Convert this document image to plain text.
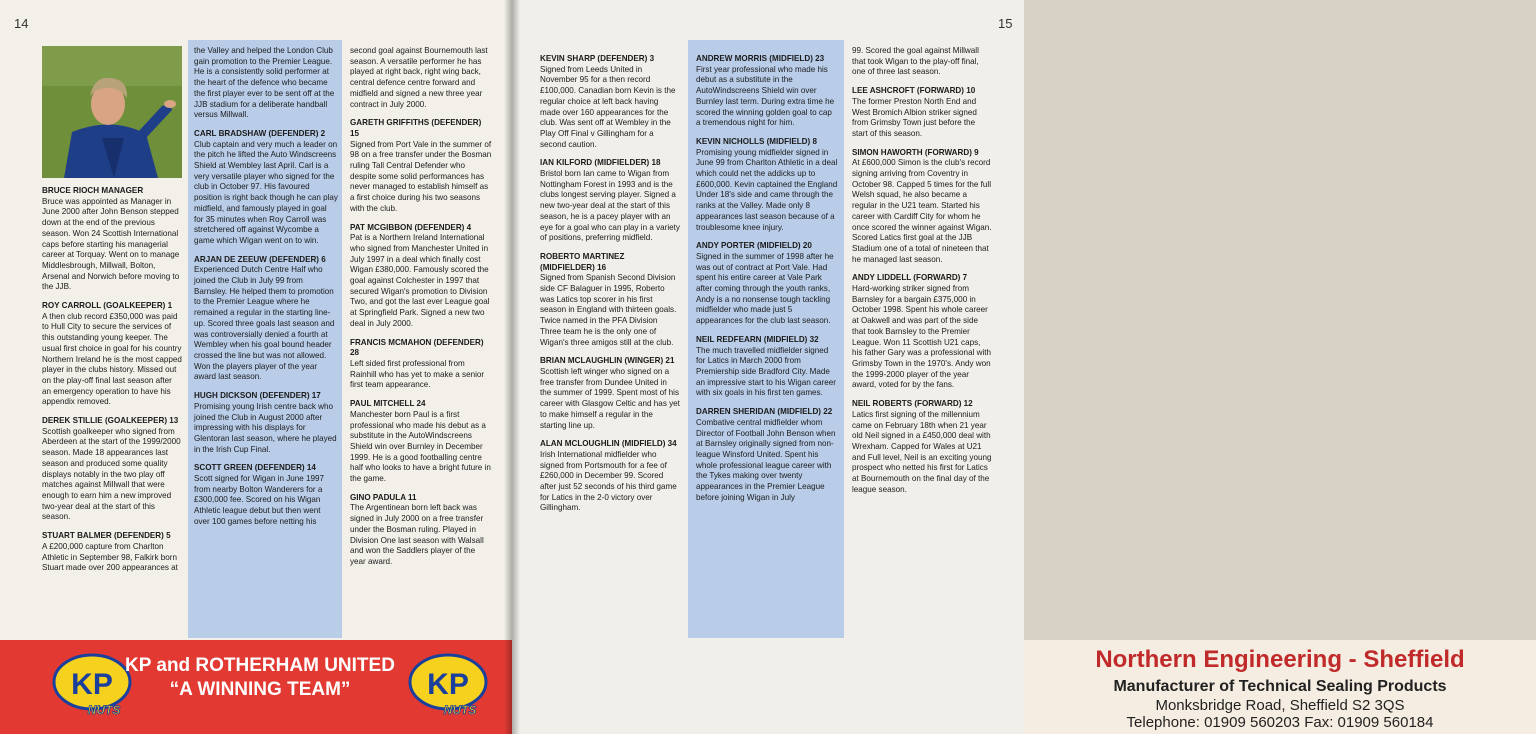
14

BRUCE RIOCH MANAGER
Bruce was appointed as Manager in June 2000 after John Benson stepped down at the end of the previous season. Won 24 Scottish International caps before starting his managerial career at Torquay. Went on to manage Middlesbrough, Millwall, Bolton, Arsenal and Norwich before moving to the JJB.

ROY CARROLL (GOALKEEPER) 1
A then club record £350,000 was paid to Hull City to secure the services of this outstanding young keeper. The usual first choice in goal for his country Northern Ireland he is the most capped player in the clubs history. Missed out on the play-off final last season after an emergency operation to have his appendix removed.

DEREK STILLIE (GOALKEEPER) 13
Scottish goalkeeper who signed from Aberdeen at the start of the 1999/2000 season. Made 18 appearances last season and produced some quality displays notably in the two play off matches against Millwall that were enough to earn him a new improved two-year deal at the start of this season.

STUART BALMER (DEFENDER) 5
A £200,000 capture from Charlton Athletic in September 98, Falkirk born Stuart made over 200 appearances at

the Valley and helped the London Club gain promotion to the Premier League. He is a consistently solid performer at the heart of the defence who became the first player ever to be sent off at the JJB stadium for a deliberate handball versus Millwall.

CARL BRADSHAW (DEFENDER) 2
Club captain and very much a leader on the pitch he lifted the Auto Windscreens Shield at Wembley last April. Carl is a very versatile player who signed for the club in October 97. His favoured position is right back though he can play midfield, and famously played in goal for 35 minutes when Roy Carroll was stretchered off against Wycombe a game which Wigan went on to win.

ARJAN DE ZEEUW (DEFENDER) 6
Experienced Dutch Centre Half who joined the Club in July 99 from Barnsley. He helped them to promotion to the Premier League where he remained a regular in the starting line-up. Scored three goals last season and was controversially denied a fourth at Wembley when his goal bound header crossed the line but was not allowed. Won the players player of the year award last season.

HUGH DICKSON (DEFENDER) 17
Promising young Irish centre back who joined the Club in August 2000 after impressing with his displays for Glentoran last season, where he played in the Irish Cup Final.

SCOTT GREEN (DEFENDER) 14
Scott signed for Wigan in June 1997 from nearby Bolton Wanderers for a £300,000 fee. Scored on his Wigan Athletic league debut but then went over 100 games before netting his

second goal against Bournemouth last season. A versatile performer he has played at right back, right wing back, central defence centre forward and midfield and signed a new three year contract in July 2000.

GARETH GRIFFITHS (DEFENDER) 15
Signed from Port Vale in the summer of 98 on a free transfer under the Bosman ruling Tall Central Defender who despite some solid performances has never managed to establish himself as a first choice during his two seasons with the club.

PAT MCGIBBON (DEFENDER) 4
Pat is a Northern Ireland International who signed from Manchester United in July 1997 in a deal which finally cost Wigan £380,000. Famously scored the goal against Colchester in 1997 that secured Wigan's promotion to Division Two, and got the last ever League goal at Springfield Park. Signed a new two deal in July 2000.

FRANCIS MCMAHON (DEFENDER) 28
Left sided first professional from Rainhill who has yet to make a senior first team appearance.

PAUL MITCHELL 24
Manchester born Paul is a first professional who made his debut as a substitute in the AutoWindscreens Shield win over Burnley in December 1999. He is a good footballing centre half who looks to have a bright future in the game.

GINO PADULA 11
The Argentinean born left back was signed in July 2000 on a free transfer under the Bosman ruling. Played in Division One last season with Walsall and won the Saddlers player of the year award.

KP
NUTS
KP and ROTHERHAM UNITED
“A WINNING TEAM”	KP
NUTS
15

KEVIN SHARP (DEFENDER) 3
Signed from Leeds United in November 95 for a then record £100,000. Canadian born Kevin is the regular choice at left back having made over 160 appearances for the club. Was sent off at Wembley in the Play Off Final v Gillingham for a second caution.

IAN KILFORD (MIDFIELDER) 18
Bristol born Ian came to Wigan from Nottingham Forest in 1993 and is the clubs longest serving player. Signed a new two-year deal at the start of this season, he is a pacey player with an eye for a goal who can play in a variety of positions, preferring midfield.

ROBERTO MARTINEZ (MIDFIELDER) 16
Signed from Spanish Second Division side CF Balaguer in 1995, Roberto was Latics top scorer in his first season in England with thirteen goals. Twice named in the PFA Division Three team he is the only one of Wigan's three amigos still at the club.

BRIAN MCLAUGHLIN (WINGER) 21
Scottish left winger who signed on a free transfer from Dundee United in the summer of 1999. Spent most of his career with Glasgow Celtic and has yet to make himself a regular in the starting line up.

ALAN MCLOUGHLIN (MIDFIELD) 34
Irish International midfielder who signed from Portsmouth for a fee of £260,000 in December 99. Scored after just 52 seconds of his third game for Latics in the 2-0 victory over Gillingham.

ANDREW MORRIS (MIDFIELD) 23
First year professional who made his debut as a substitute in the AutoWindscreens Shield win over Burnley last term. During extra time he scored the winning golden goal to cap a tremendous night for him.

KEVIN NICHOLLS (MIDFIELD) 8
Promising young midfielder signed in June 99 from Charlton Athletic in a deal which could net the addicks up to £600,000. Kevin captained the England Under 18's side and came through the ranks at the Valley. Made only 8 appearances last season because of a troublesome knee injury.

ANDY PORTER (MIDFIELD) 20
Signed in the summer of 1998 after he was out of contract at Port Vale. Had spent his entire career at Vale Park after coming through the youth ranks, Andy is a no nonsense tough tackling midfielder who made just 5 appearances for the club last season.

NEIL REDFEARN (MIDFIELD) 32
The much travelled midfielder signed for Latics in March 2000 from Premiership side Bradford City. Made an impressive start to his Wigan career with six goals in his first ten games.

DARREN SHERIDAN (MIDFIELD) 22
Combative central midfielder whom Director of Football John Benson when at Barnsley originally signed from non-league Winsford United. Spent his whole professional league career with the Tykes making over twenty appearances in the Premier League before joining Wigan in July

99. Scored the goal against Millwall that took Wigan to the play-off final, one of three last season.

LEE ASHCROFT (FORWARD) 10
The former Preston North End and West Bromich Albion striker signed from Grimsby Town just before the start of this season.

SIMON HAWORTH (FORWARD) 9
At £600,000 Simon is the club's record signing arriving from Coventry in October 98. Capped 5 times for the full Welsh squad, he also became a regular in the U21 team. Started his career with Cardiff City for whom he once scored the winner against Wigan. Scored Latics first goal at the JJB Stadium one of a total of nineteen that he managed last season.

ANDY LIDDELL (FORWARD) 7
Hard-working striker signed from Barnsley for a bargain £375,000 in October 1998. Spent his whole career at Oakwell and was part of the side that took Barnsley to the Premier League. Won 11 Scottish U21 caps, his father Gary was a professional with Grimsby Town in the 1970's. Andy won the 1999-2000 player of the year award, voted for by the fans.

NEIL ROBERTS (FORWARD) 12
Latics first signing of the millennium came on February 18th when 21 year old Neil signed in a £450,000 deal with Wrexham. Capped for Wales at U21 and Full level, Neil is an exciting young prospect who netted his first for Latics at Bournemouth on the final day of the league season.

Northern Engineering - Sheffield
Manufacturer of Technical Sealing Products
Monksbridge Road, Sheffield S2 3QS
Telephone: 01909 560203 Fax: 01909 560184
